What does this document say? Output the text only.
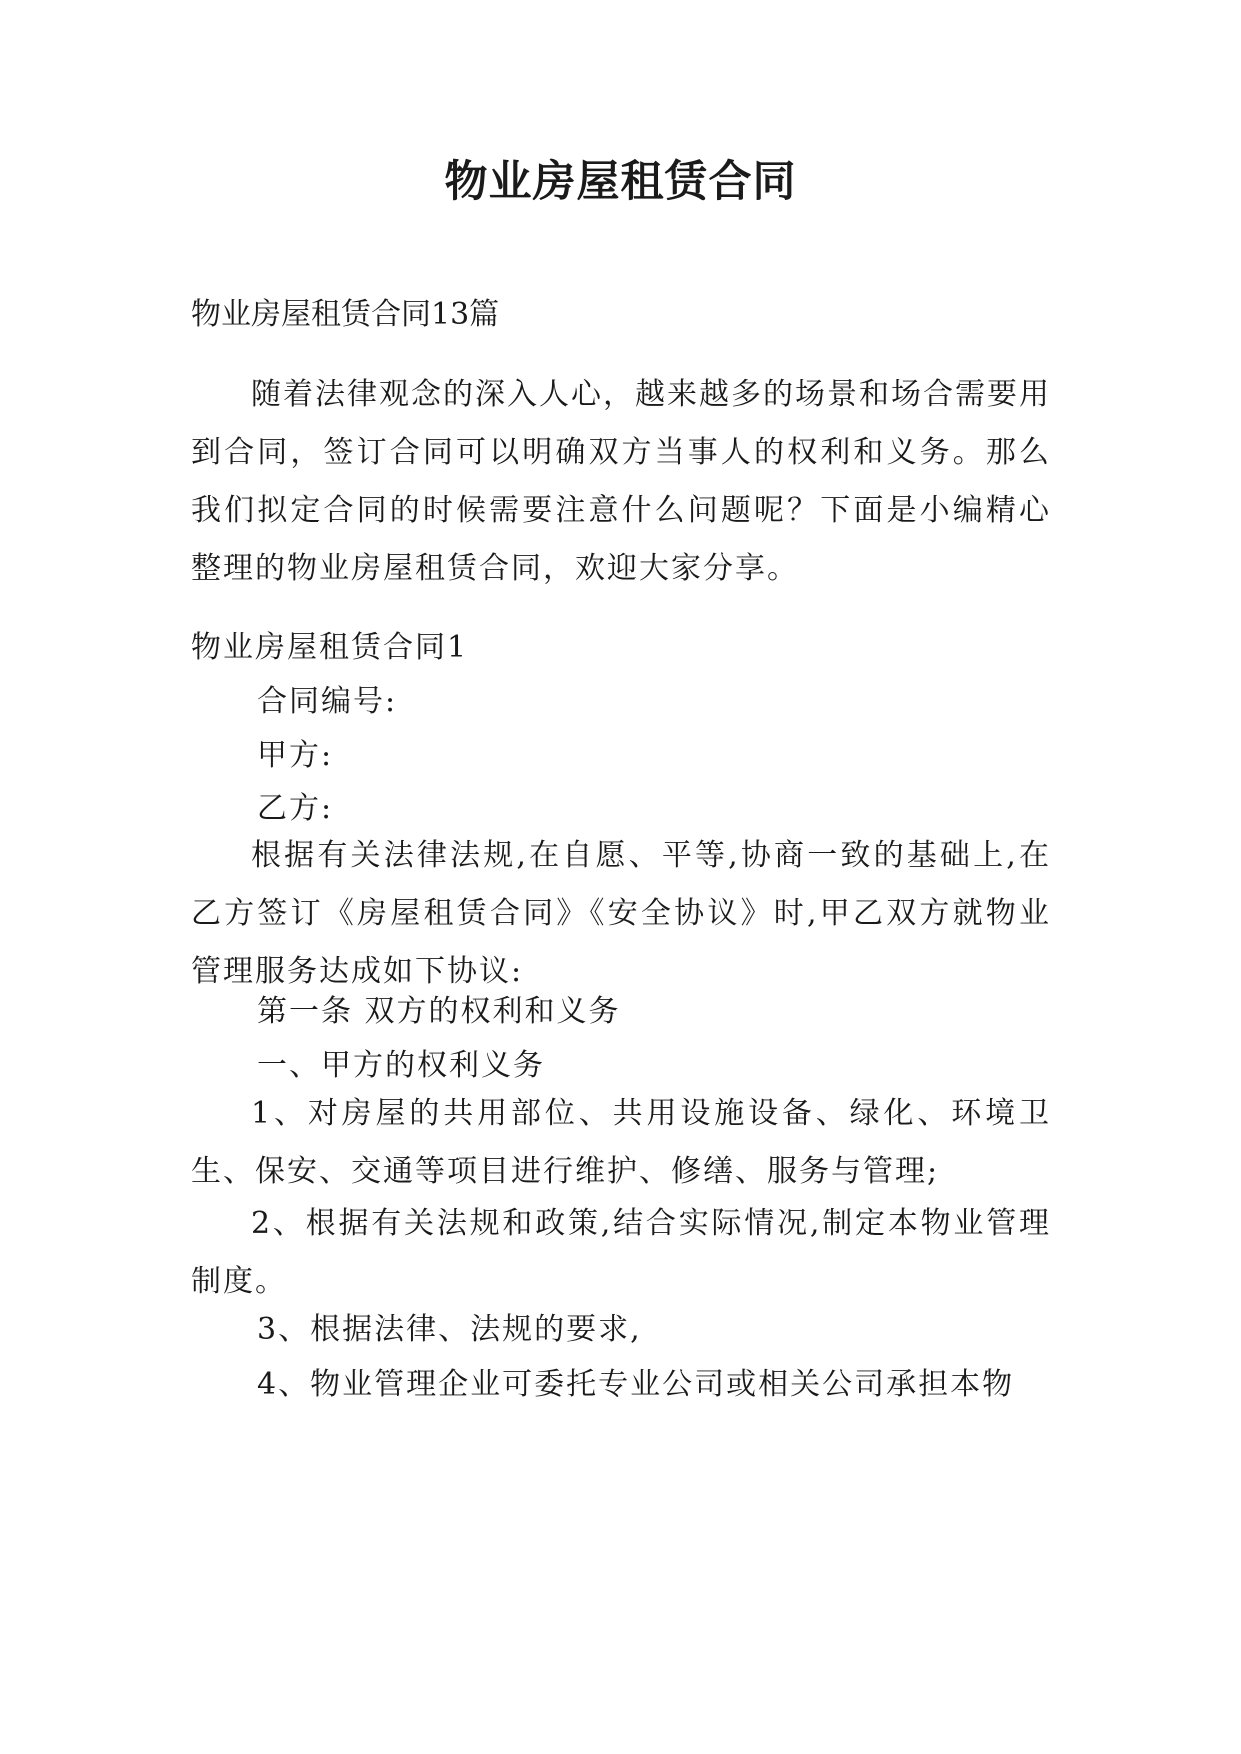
物业房屋租赁合同
物业房屋租赁合同13篇

随着法律观念的深入人心，越来越多的场景和场合需要用到合同，签订合同可以明确双方当事人的权利和义务。那么我们拟定合同的时候需要注意什么问题呢？下面是小编精心整理的物业房屋租赁合同，欢迎大家分享。

物业房屋租赁合同1
合同编号:
甲方:
乙方:

根据有关法律法规,在自愿、平等,协商一致的基础上,在乙方签订《房屋租赁合同》《安全协议》时,甲乙双方就物业管理服务达成如下协议:

第一条 双方的权利和义务
一、甲方的权利义务

1、对房屋的共用部位、共用设施设备、绿化、环境卫生、保安、交通等项目进行维护、修缮、服务与管理;

2、根据有关法规和政策,结合实际情况,制定本物业管理制度。

3、根据法律、法规的要求,
4、物业管理企业可委托专业公司或相关公司承担本物
